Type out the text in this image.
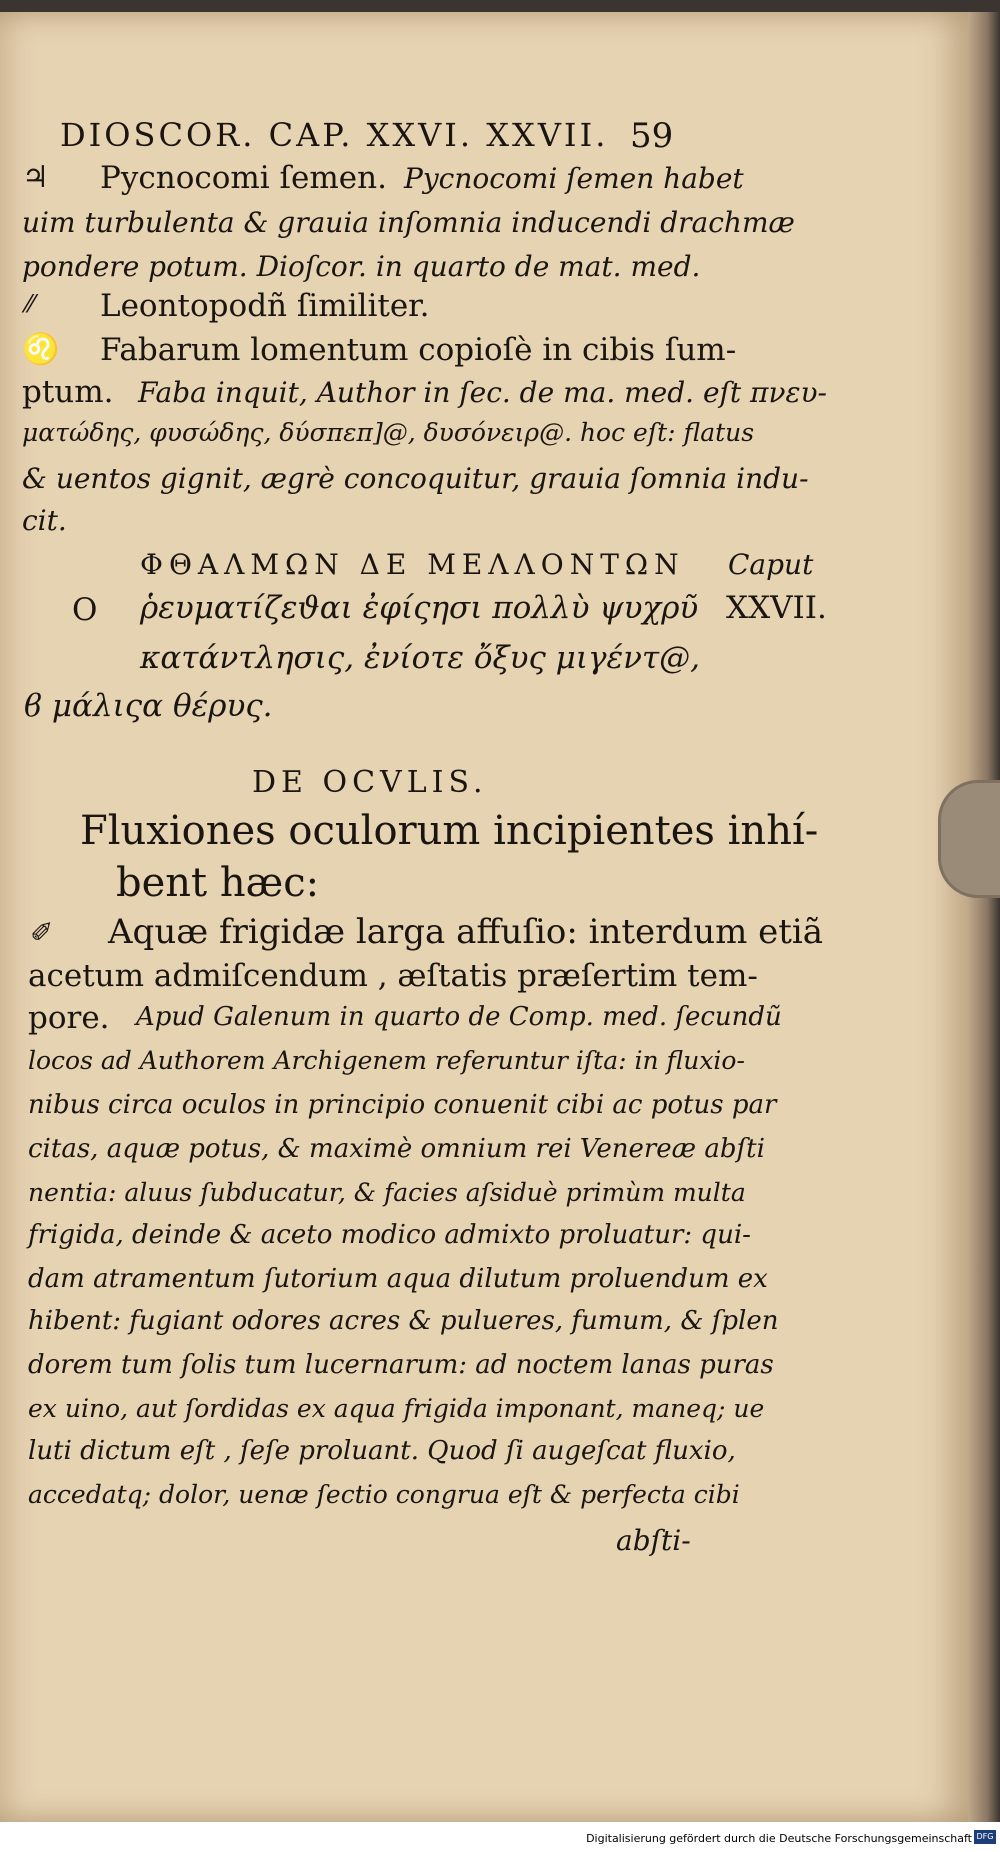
DIOSCOR. CAP. XXVI. XXVII. 59
♃ Pycnocomi ſemen. Pycnocomi ſemen habet
uim turbulenta & grauia inſomnia inducendi drachmæ
pondere potum. Dioſcor. in quarto de mat. med.
⁄⁄ Leontopodñ ſimiliter.
♌ Fabarum lomentum copioſè in cibis ſum-
ptum. Faba inquit, Author in ſec. de ma. med. eſt πνευ-
ματώδης, φυσώδης, δύσπεπ]@, δυσόνειρ@. hoc eſt: flatus
& uentos gignit, ægrè concoquitur, grauia ſomnia indu-
cit.
ΦΘΑΛΜΩΝ ΔΕ ΜΕΛΛΟΝΤΩΝ Caput
O ῥευματίζεϑαι ἐφίςησι πολλὺ ψυχρῦ XXVII.
κατάντλησις, ἐνίοτε ὄξυς μιγέντ@,
ϐ μάλιςα θέρυς.
DE OCVLIS.
Fluxiones oculorum incipientes inhí-
bent hæc:
✐ Aquæ frigidæ larga affuſio: interdum etiã
acetum admiſcendum , æſtatis præſertim tem-
pore. Apud Galenum in quarto de Comp. med. ſecundũ
locos ad Authorem Archigenem referuntur iſta: in fluxio-
nibus circa oculos in principio conuenit cibi ac potus par
citas, aquæ potus, & maximè omnium rei Venereæ abſti
nentia: aluus ſubducatur, & facies aſsiduè primùm multa
frigida, deinde & aceto modico admixto proluatur: qui-
dam atramentum ſutorium aqua dilutum proluendum ex
hibent: fugiant odores acres & pulueres, fumum, & ſplen
dorem tum ſolis tum lucernarum: ad noctem lanas puras
ex uino, aut ſordidas ex aqua frigida imponant, maneq; ue
luti dictum eſt , ſeſe proluant. Quod ſi augeſcat fluxio,
accedatq; dolor, uenæ ſectio congrua eſt & perfecta cibi
abſti-
Digitalisierung gefördert durch die Deutsche Forschungsgemeinschaft DFG
